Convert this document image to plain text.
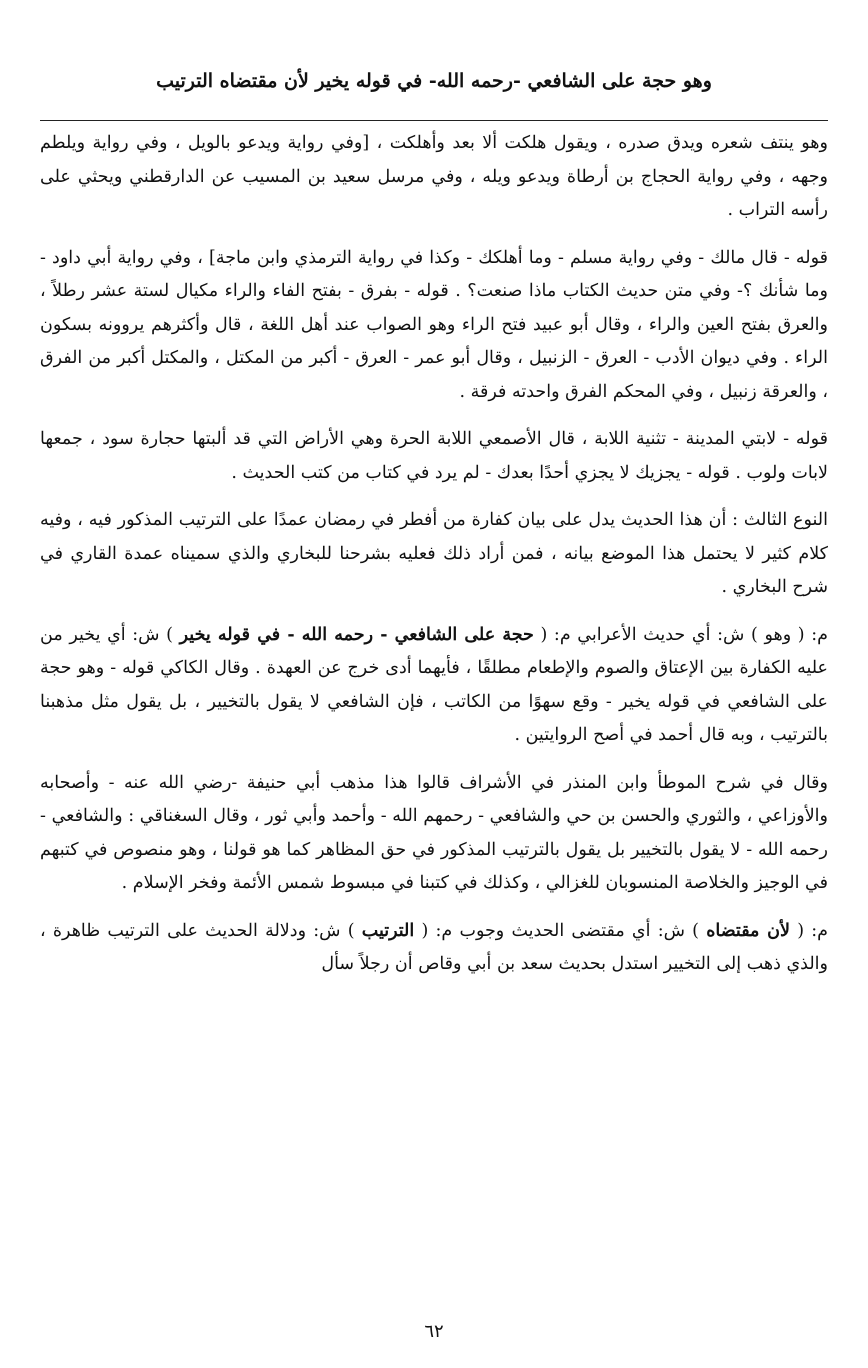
وهو حجة على الشافعي -رحمه الله- في قوله يخير لأن مقتضاه الترتيب

وهو ينتف شعره ويدق صدره ، ويقول هلكت ألا بعد وأهلكت ، [وفي رواية ويدعو بالويل ، وفي رواية ويلطم وجهه ، وفي رواية الحجاج بن أرطاة ويدعو ويله ، وفي مرسل سعيد بن المسيب عن الدارقطني ويحثي على رأسه التراب .

قوله - قال مالك - وفي رواية مسلم - وما أهلكك - وكذا في رواية الترمذي وابن ماجة] ، وفي رواية أبي داود - وما شأنك ؟- وفي متن حديث الكتاب ماذا صنعت؟ . قوله - بفرق - بفتح الفاء والراء مكيال لستة عشر رطلاً ، والعرق بفتح العين والراء ، وقال أبو عبيد فتح الراء وهو الصواب عند أهل اللغة ، قال وأكثرهم يروونه بسكون الراء . وفي ديوان الأدب - العرق - الزنبيل ، وقال أبو عمر - العرق - أكبر من المكتل ، والمكتل أكبر من الفرق ، والعرقة زنبيل ، وفي المحكم الفرق واحدته فرقة .

قوله - لابتي المدينة - تثنية اللابة ، قال الأصمعي اللابة الحرة وهي الأراض التي قد ألبتها حجارة سود ، جمعها لابات ولوب . قوله - يجزيك لا يجزي أحدًا بعدك - لم يرد في كتاب من كتب الحديث .

النوع الثالث : أن هذا الحديث يدل على بيان كفارة من أفطر في رمضان عمدًا على الترتيب المذكور فيه ، وفيه كلام كثير لا يحتمل هذا الموضع بيانه ، فمن أراد ذلك فعليه بشرحنا للبخاري والذي سميناه عمدة القاري في شرح البخاري .

م: ( وهو ) ش: أي حديث الأعرابي م: ( حجة على الشافعي - رحمه الله - في قوله يخير ) ش: أي يخير من عليه الكفارة بين الإعتاق والصوم والإطعام مطلقًا ، فأيهما أدى خرج عن العهدة . وقال الكاكي قوله - وهو حجة على الشافعي في قوله يخير - وقع سهوًا من الكاتب ، فإن الشافعي لا يقول بالتخيير ، بل يقول مثل مذهبنا بالترتيب ، وبه قال أحمد في أصح الروايتين .

وقال في شرح الموطأ وابن المنذر في الأشراف قالوا هذا مذهب أبي حنيفة -رضي الله عنه - وأصحابه والأوزاعي ، والثوري والحسن بن حي والشافعي - رحمهم الله - وأحمد وأبي ثور ، وقال السغناقي : والشافعي - رحمه الله - لا يقول بالتخيير بل يقول بالترتيب المذكور في حق المظاهر كما هو قولنا ، وهو منصوص في كتبهم في الوجيز والخلاصة المنسوبان للغزالي ، وكذلك في كتبنا في مبسوط شمس الأئمة وفخر الإسلام .

م: ( لأن مقتضاه ) ش: أي مقتضى الحديث وجوب م: ( الترتيب ) ش: ودلالة الحديث على الترتيب ظاهرة ، والذي ذهب إلى التخيير استدل بحديث سعد بن أبي وقاص أن رجلاً سأل

٦٢
